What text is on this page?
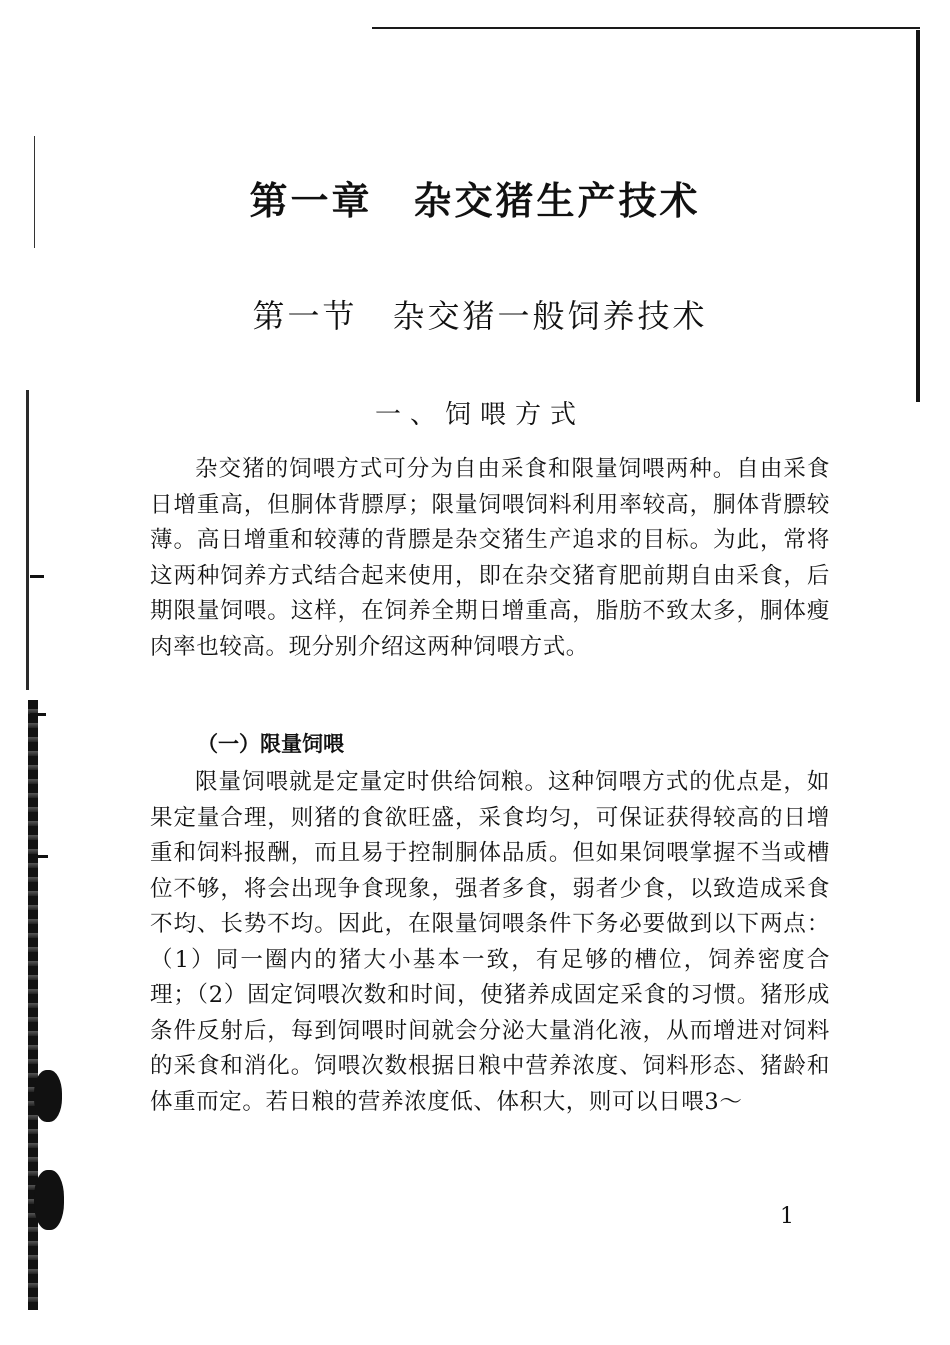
第一章　杂交猪生产技术
第一节　杂交猪一般饲养技术
一、饲喂方式

杂交猪的饲喂方式可分为自由采食和限量饲喂两种。自由采食日增重高，但胴体背膘厚；限量饲喂饲料利用率较高，胴体背膘较薄。高日增重和较薄的背膘是杂交猪生产追求的目标。为此，常将这两种饲养方式结合起来使用，即在杂交猪育肥前期自由采食，后期限量饲喂。这样，在饲养全期日增重高，脂肪不致太多，胴体瘦肉率也较高。现分别介绍这两种饲喂方式。

（一）限量饲喂

限量饲喂就是定量定时供给饲粮。这种饲喂方式的优点是，如果定量合理，则猪的食欲旺盛，采食均匀，可保证获得较高的日增重和饲料报酬，而且易于控制胴体品质。但如果饲喂掌握不当或槽位不够，将会出现争食现象，强者多食，弱者少食，以致造成采食不均、长势不均。因此，在限量饲喂条件下务必要做到以下两点：（1）同一圈内的猪大小基本一致，有足够的槽位，饲养密度合理；（2）固定饲喂次数和时间，使猪养成固定采食的习惯。猪形成条件反射后，每到饲喂时间就会分泌大量消化液，从而增进对饲料的采食和消化。饲喂次数根据日粮中营养浓度、饲料形态、猪龄和体重而定。若日粮的营养浓度低、体积大，则可以日喂3～

1
